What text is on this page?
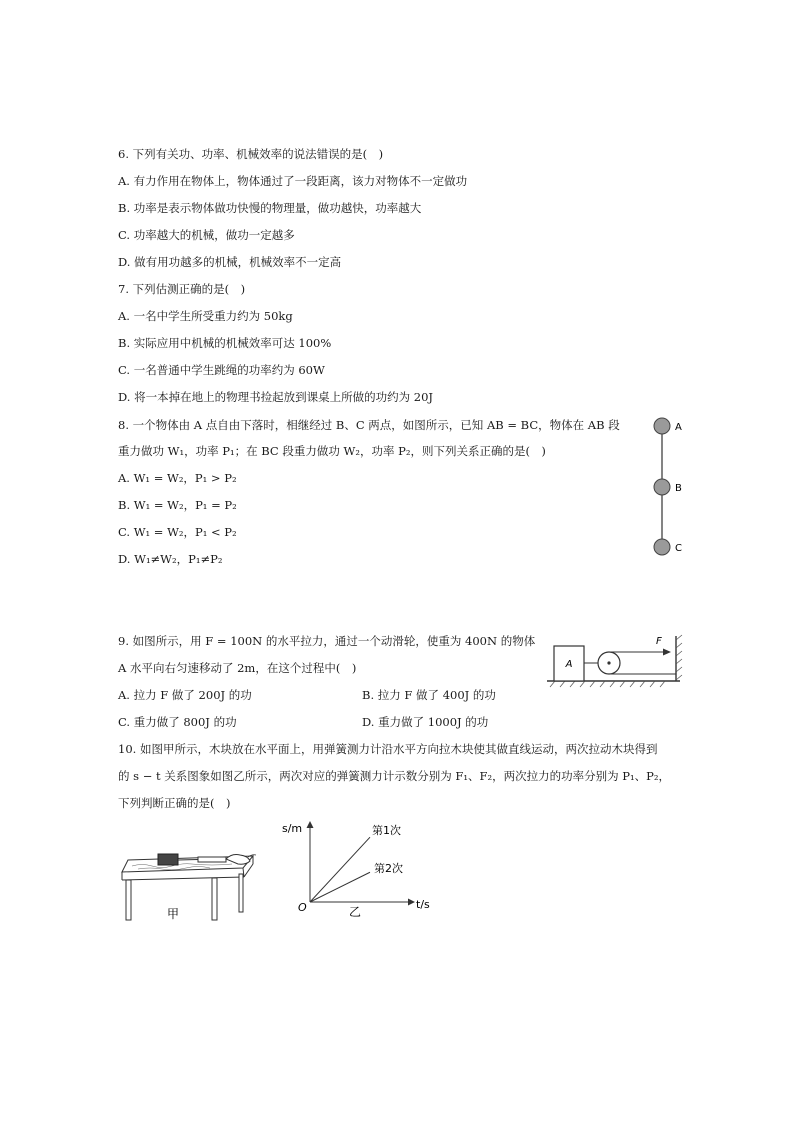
6. 下列有关功、功率、机械效率的说法错误的是(　)
A. 有力作用在物体上，物体通过了一段距离，该力对物体不一定做功
B. 功率是表示物体做功快慢的物理量，做功越快，功率越大
C. 功率越大的机械，做功一定越多
D. 做有用功越多的机械，机械效率不一定高
7. 下列估测正确的是(　)
A. 一名中学生所受重力约为 50kg
B. 实际应用中机械的机械效率可达 100%
C. 一名普通中学生跳绳的功率约为 60W
D. 将一本掉在地上的物理书捡起放到课桌上所做的功约为 20J
8. 一个物体由 A 点自由下落时，相继经过 B、C 两点，如图所示，已知 AB = BC，物体在 AB 段
重力做功 W₁，功率 P₁；在 BC 段重力做功 W₂，功率 P₂，则下列关系正确的是(　)
A. W₁ = W₂，P₁ > P₂
B. W₁ = W₂，P₁ = P₂
C. W₁ = W₂，P₁ < P₂
D. W₁≠W₂，P₁≠P₂
A
B
C
9. 如图所示，用 F = 100N 的水平拉力，通过一个动滑轮，使重为 400N 的物体
A 水平向右匀速移动了 2m，在这个过程中(　)
A. 拉力 F 做了 200J 的功	B. 拉力 F 做了 400J 的功
C. 重力做了 800J 的功	D. 重力做了 1000J 的功
A
F
10. 如图甲所示，木块放在水平面上，用弹簧测力计沿水平方向拉木块使其做直线运动，两次拉动木块得到
的 s − t 关系图象如图乙所示，两次对应的弹簧测力计示数分别为 F₁、F₂，两次拉力的功率分别为 P₁、P₂，
下列判断正确的是(　)
甲
s/m
t/s
O	乙
第1次
第2次
